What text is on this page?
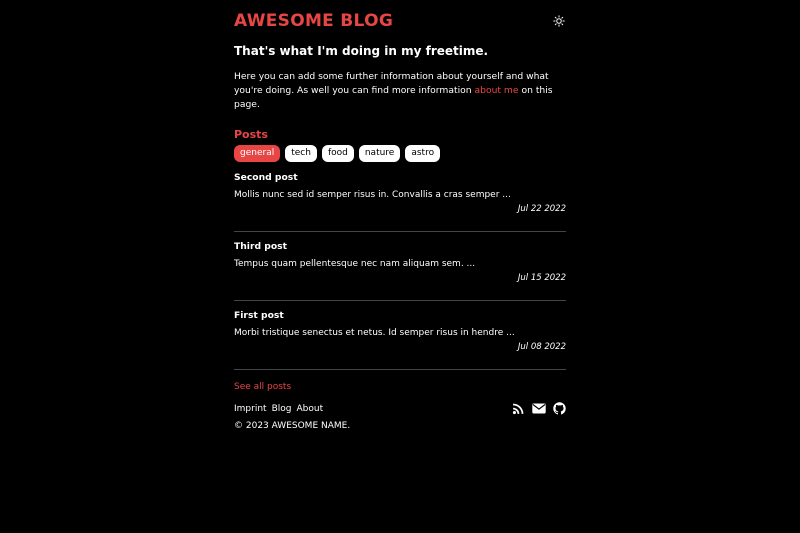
AWESOME BLOG
That's what I'm doing in my freetime.
Here you can add some further information about yourself and what you're doing. As well you can find more information about me on this page.
Posts
general	tech	food	nature	astro
Second post
Mollis nunc sed id semper risus in. Convallis a cras semper ...
Jul 22 2022
Third post
Tempus quam pellentesque nec nam aliquam sem. ...
Jul 15 2022
First post
Morbi tristique senectus et netus. Id semper risus in hendre ...
Jul 08 2022
See all posts
Imprint Blog About
© 2023 AWESOME NAME.
